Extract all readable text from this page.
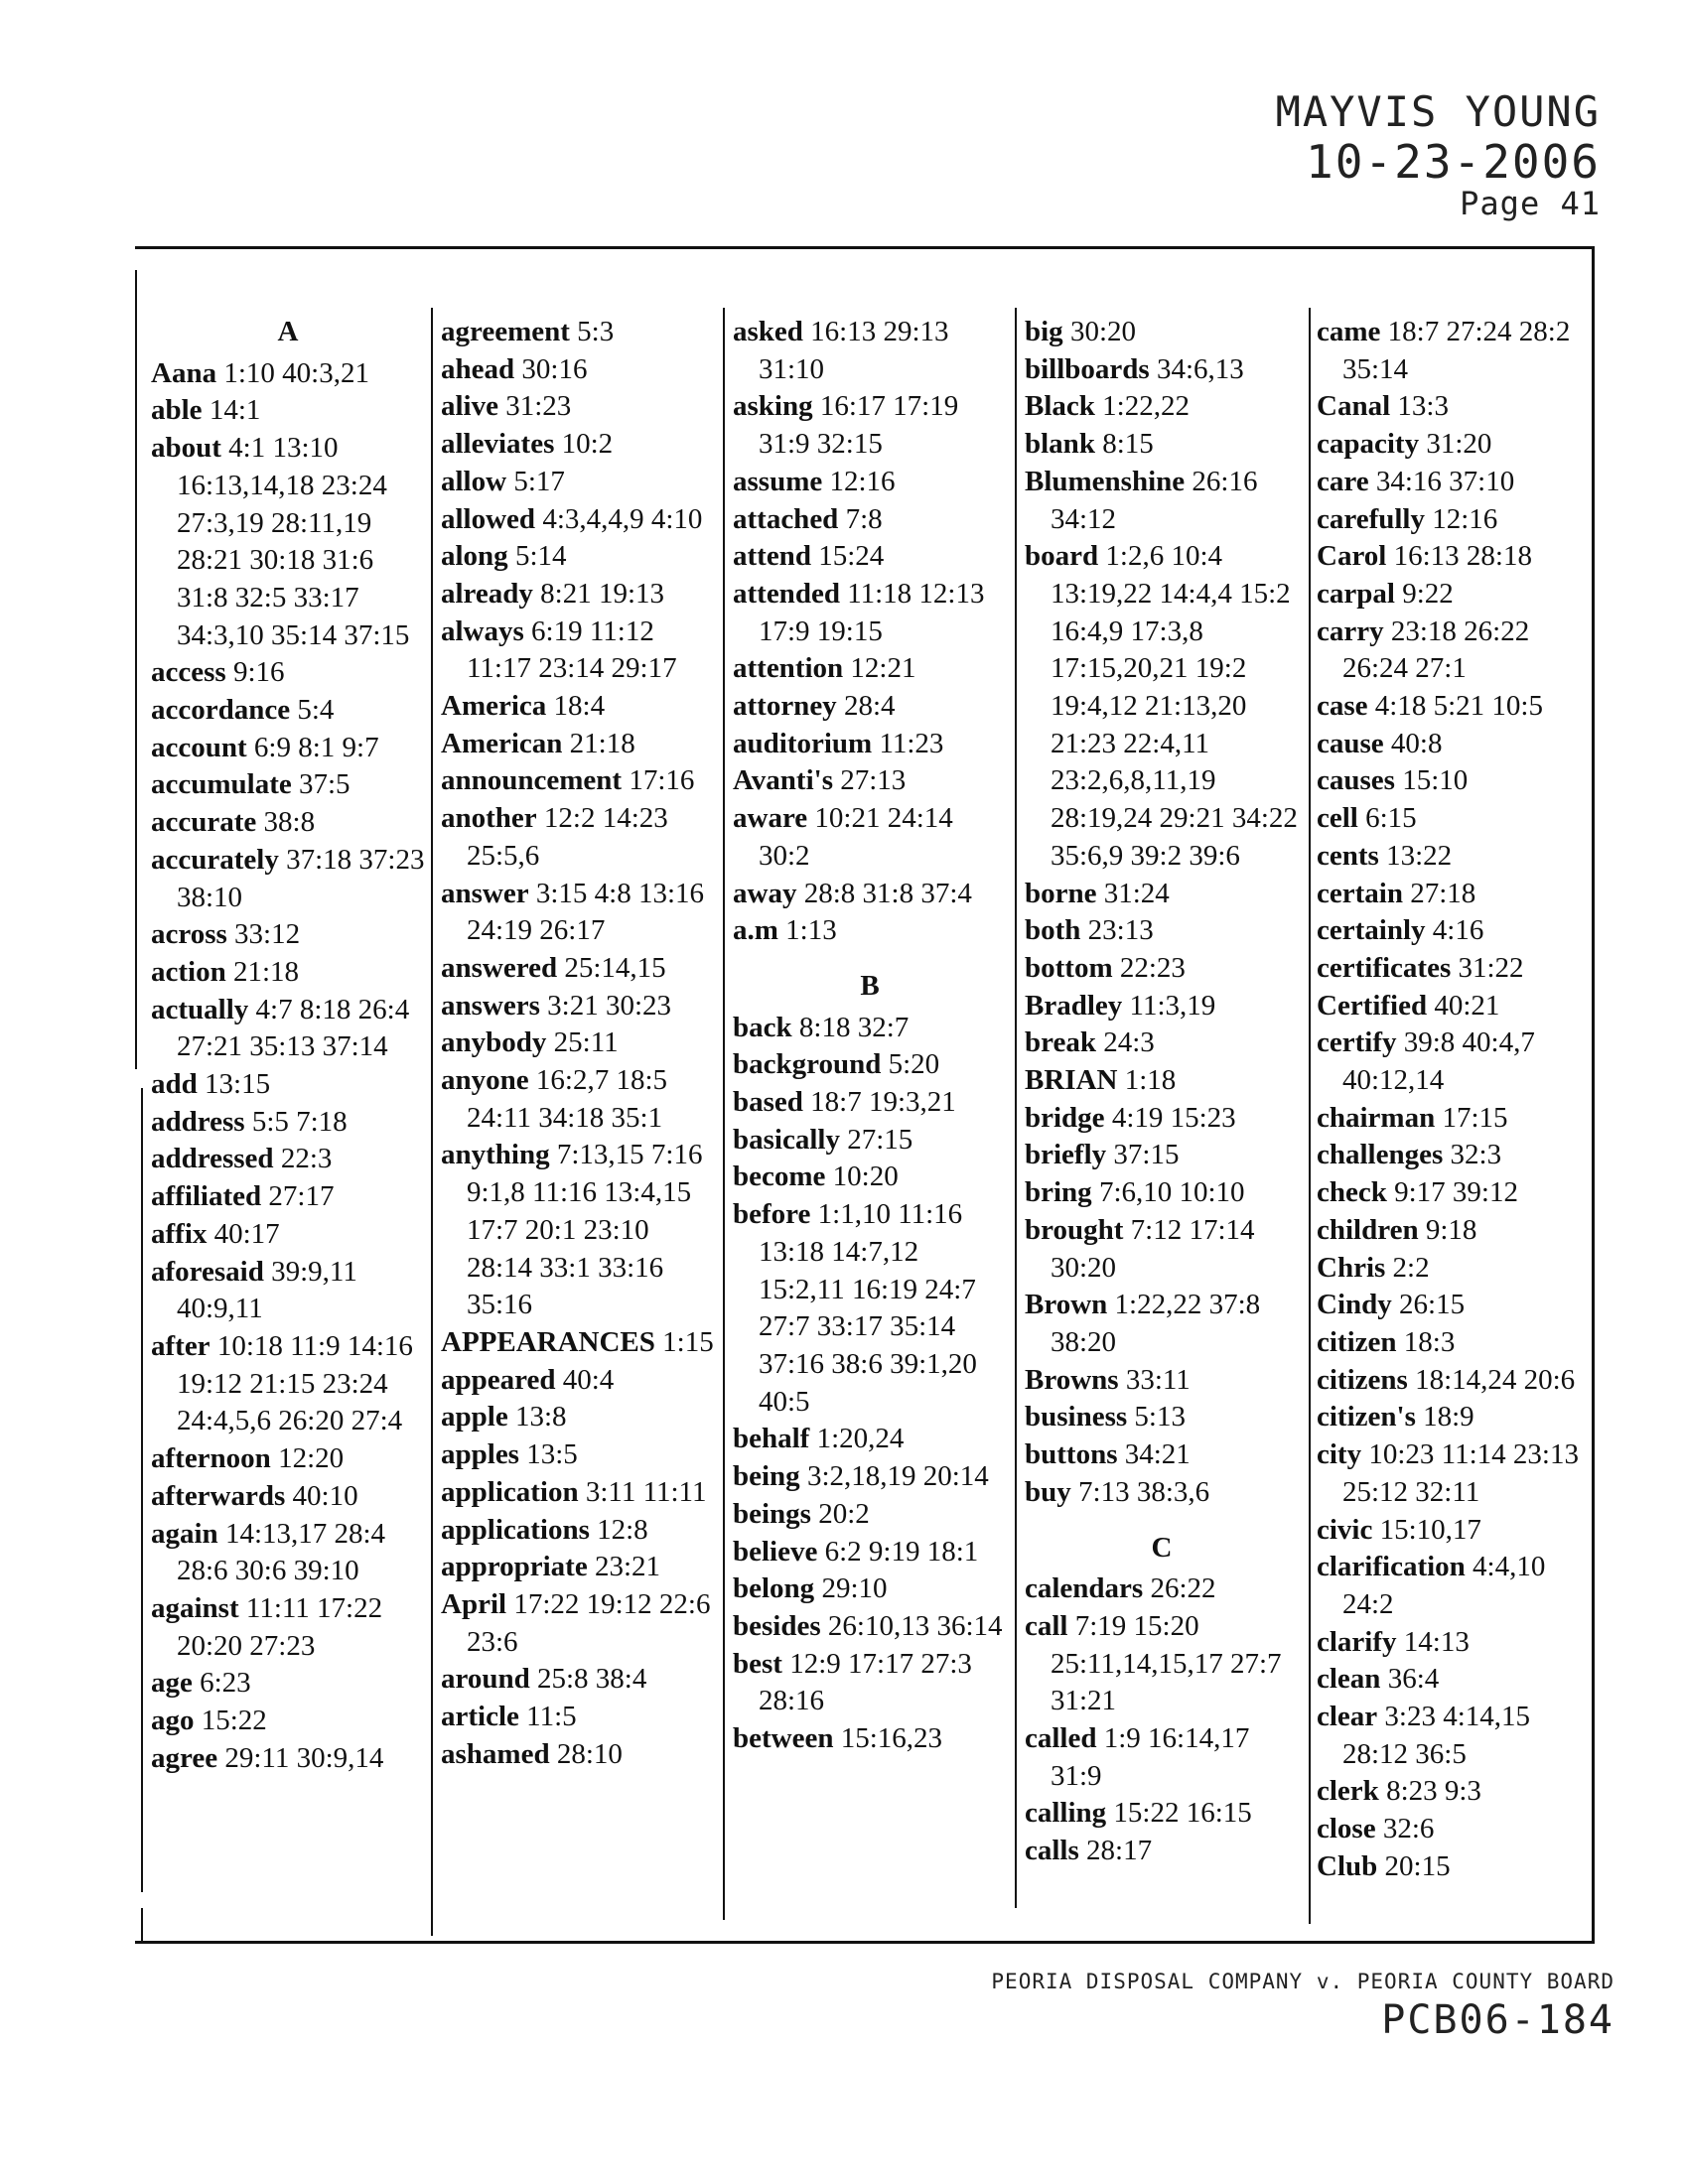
MAYVIS YOUNG
10-23-2006
Page 41
A
Aana 1:10 40:3,21
able 14:1
about 4:1 13:10 16:13,14,18 23:24 27:3,19 28:11,19 28:21 30:18 31:6 31:8 32:5 33:17 34:3,10 35:14 37:15
access 9:16
accordance 5:4
account 6:9 8:1 9:7
accumulate 37:5
accurate 38:8
accurately 37:18 37:23 38:10
across 33:12
action 21:18
actually 4:7 8:18 26:4 27:21 35:13 37:14
add 13:15
address 5:5 7:18
addressed 22:3
affiliated 27:17
affix 40:17
aforesaid 39:9,11 40:9,11
after 10:18 11:9 14:16 19:12 21:15 23:24 24:4,5,6 26:20 27:4
afternoon 12:20
afterwards 40:10
again 14:13,17 28:4 28:6 30:6 39:10
against 11:11 17:22 20:20 27:23
age 6:23
ago 15:22
agree 29:11 30:9,14
agreement 5:3
ahead 30:16
alive 31:23
alleviates 10:2
allow 5:17
allowed 4:3,4,4,9 4:10
along 5:14
already 8:21 19:13
always 6:19 11:12 11:17 23:14 29:17
America 18:4
American 21:18
announcement 17:16
another 12:2 14:23 25:5,6
answer 3:15 4:8 13:16 24:19 26:17
answered 25:14,15
answers 3:21 30:23
anybody 25:11
anyone 16:2,7 18:5 24:11 34:18 35:1
anything 7:13,15 7:16 9:1,8 11:16 13:4,15 17:7 20:1 23:10 28:14 33:1 33:16 35:16
APPEARANCES 1:15
appeared 40:4
apple 13:8
apples 13:5
application 3:11 11:11
applications 12:8
appropriate 23:21
April 17:22 19:12 22:6 23:6
around 25:8 38:4
article 11:5
ashamed 28:10
asked 16:13 29:13 31:10
asking 16:17 17:19 31:9 32:15
assume 12:16
attached 7:8
attend 15:24
attended 11:18 12:13 17:9 19:15
attention 12:21
attorney 28:4
auditorium 11:23
Avanti's 27:13
aware 10:21 24:14 30:2
away 28:8 31:8 37:4
a.m 1:13
B
back 8:18 32:7
background 5:20
based 18:7 19:3,21
basically 27:15
become 10:20
before 1:1,10 11:16 13:18 14:7,12 15:2,11 16:19 24:7 27:7 33:17 35:14 37:16 38:6 39:1,20 40:5
behalf 1:20,24
being 3:2,18,19 20:14
beings 20:2
believe 6:2 9:19 18:1
belong 29:10
besides 26:10,13 36:14
best 12:9 17:17 27:3 28:16
between 15:16,23
big 30:20
billboards 34:6,13
Black 1:22,22
blank 8:15
Blumenshine 26:16 34:12
board 1:2,6 10:4 13:19,22 14:4,4 15:2 16:4,9 17:3,8 17:15,20,21 19:2 19:4,12 21:13,20 21:23 22:4,11 23:2,6,8,11,19 28:19,24 29:21 34:22 35:6,9 39:2 39:6
borne 31:24
both 23:13
bottom 22:23
Bradley 11:3,19
break 24:3
BRIAN 1:18
bridge 4:19 15:23
briefly 37:15
bring 7:6,10 10:10
brought 7:12 17:14 30:20
Brown 1:22,22 37:8 38:20
Browns 33:11
business 5:13
buttons 34:21
buy 7:13 38:3,6
C
calendars 26:22
call 7:19 15:20 25:11,14,15,17 27:7 31:21
called 1:9 16:14,17 31:9
calling 15:22 16:15
calls 28:17
came 18:7 27:24 28:2 35:14
Canal 13:3
capacity 31:20
care 34:16 37:10
carefully 12:16
Carol 16:13 28:18
carpal 9:22
carry 23:18 26:22 26:24 27:1
case 4:18 5:21 10:5
cause 40:8
causes 15:10
cell 6:15
cents 13:22
certain 27:18
certainly 4:16
certificates 31:22
Certified 40:21
certify 39:8 40:4,7 40:12,14
chairman 17:15
challenges 32:3
check 9:17 39:12
children 9:18
Chris 2:2
Cindy 26:15
citizen 18:3
citizens 18:14,24 20:6
citizen's 18:9
city 10:23 11:14 23:13 25:12 32:11
civic 15:10,17
clarification 4:4,10 24:2
clarify 14:13
clean 36:4
clear 3:23 4:14,15 28:12 36:5
clerk 8:23 9:3
close 32:6
Club 20:15
PEORIA DISPOSAL COMPANY v. PEORIA COUNTY BOARD
PCB06-184
